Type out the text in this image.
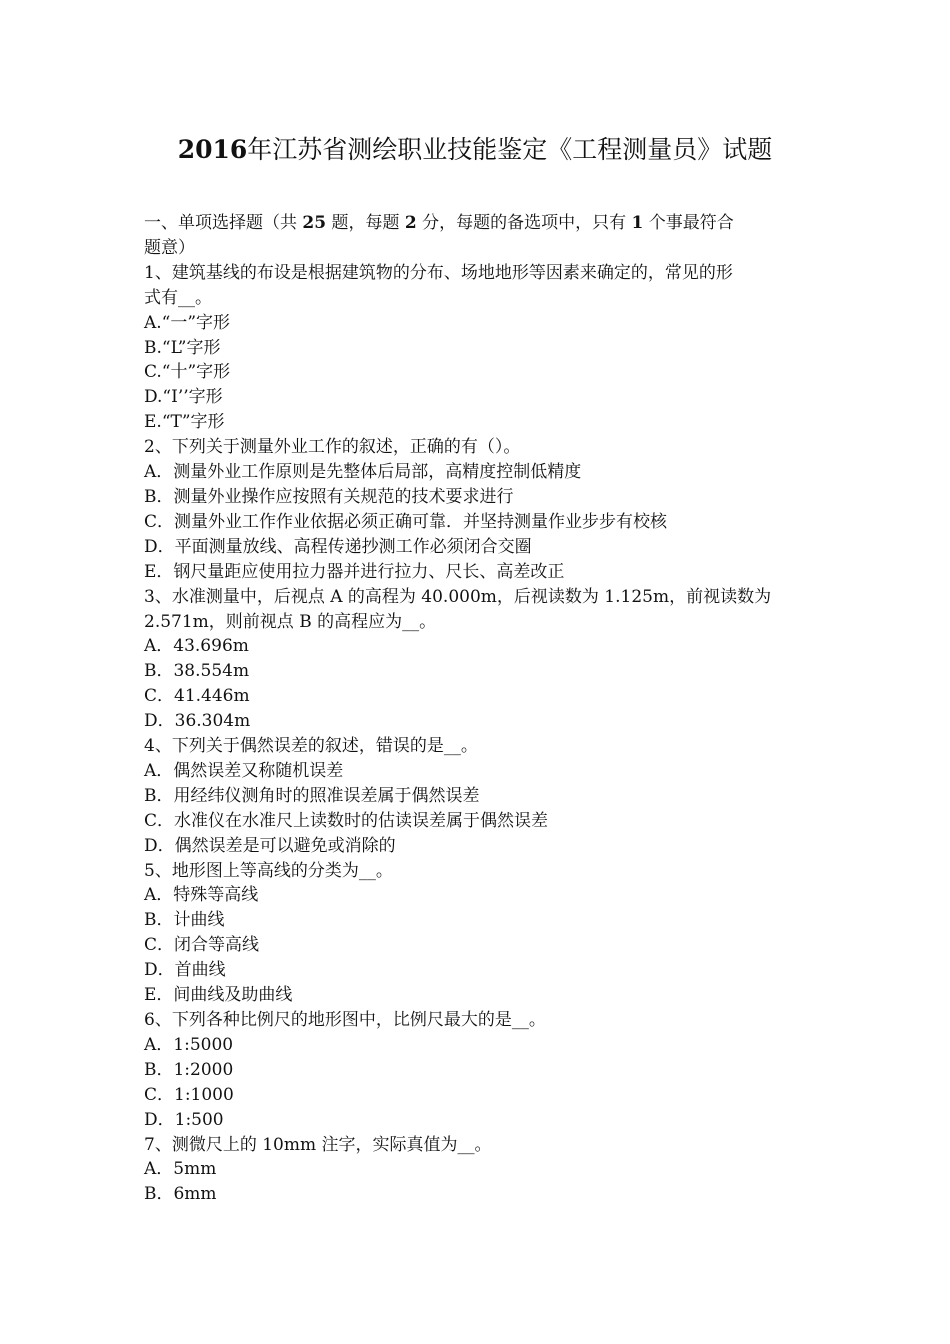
2016年江苏省测绘职业技能鉴定《工程测量员》试题
一、单项选择题（共 25 题，每题 2 分，每题的备选项中，只有 1 个事最符合
题意）
1、建筑基线的布设是根据建筑物的分布、场地地形等因素来确定的，常见的形
式有__。
A.“一”字形
B.“L”字形
C.“十”字形
D.“I’’字形
E.“T”字形
2、下列关于测量外业工作的叙述，正确的有（）。
A．测量外业工作原则是先整体后局部，高精度控制低精度
B．测量外业操作应按照有关规范的技术要求进行
C．测量外业工作作业依据必须正确可靠．并坚持测量作业步步有校核
D．平面测量放线、高程传递抄测工作必须闭合交圈
E．钢尺量距应使用拉力器并进行拉力、尺长、高差改正
3、水准测量中，后视点 A 的高程为 40.000m，后视读数为 1.125m，前视读数为
2.571m，则前视点 B 的高程应为__。
A．43.696m
B．38.554m
C．41.446m
D．36.304m
4、下列关于偶然误差的叙述，错误的是__。
A．偶然误差又称随机误差
B．用经纬仪测角时的照准误差属于偶然误差
C．水准仪在水准尺上读数时的估读误差属于偶然误差
D．偶然误差是可以避免或消除的
5、地形图上等高线的分类为__。
A．特殊等高线
B．计曲线
C．闭合等高线
D．首曲线
E．间曲线及助曲线
6、下列各种比例尺的地形图中，比例尺最大的是__。
A．1:5000
B．1:2000
C．1:1000
D．1:500
7、测微尺上的 10mm 注字，实际真值为__。
A．5mm
B．6mm
